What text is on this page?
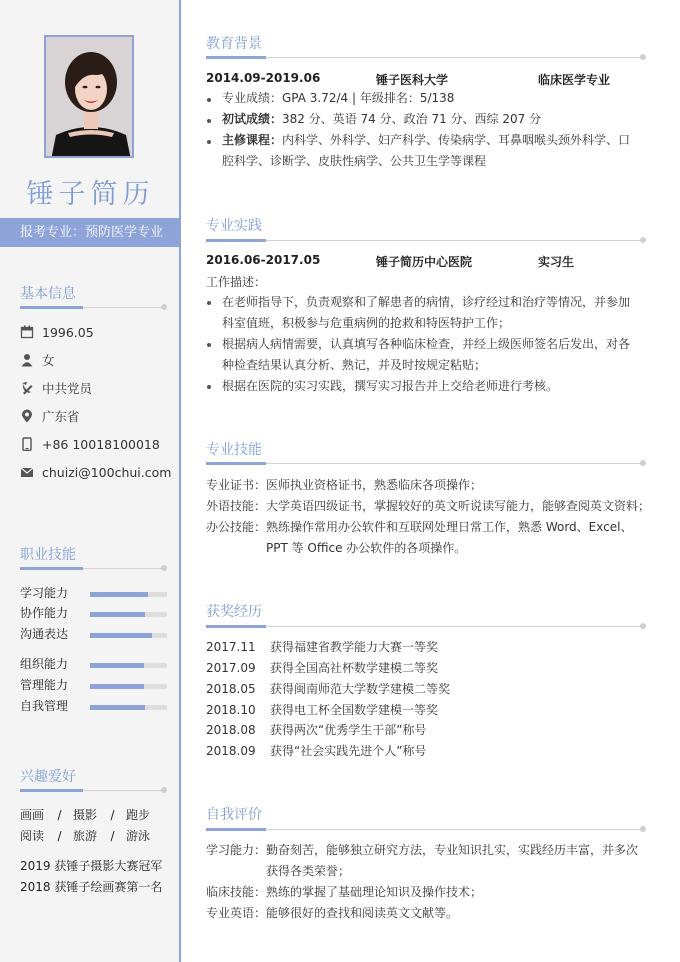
锤子简历
报考专业：预防医学专业
基本信息
1996.05
女
中共党员
广东省
+86 10018100018
chuizi@100chui.com
职业技能
学习能力
协作能力
沟通表达
组织能力
管理能力
自我管理
兴趣爱好
画画 / 摄影 / 跑步
阅读 / 旅游 / 游泳
2019 获锤子摄影大赛冠军
2018 获锤子绘画赛第一名
教育背景
2014.09-2019.06	锤子医科大学	临床医学专业
专业成绩：GPA 3.72/4 | 年级排名：5/138
初试成绩：382 分、英语 74 分、政治 71 分、西综 207 分
主修课程：内科学、外科学、妇产科学、传染病学、耳鼻咽喉头颈外科学、口
腔科学、诊断学、皮肤性病学、公共卫生学等课程
专业实践
2016.06-2017.05	锤子简历中心医院	实习生
工作描述：
在老师指导下，负责观察和了解患者的病情，诊疗经过和治疗等情况，并参加
科室值班，积极参与危重病例的抢救和特医特护工作；
根据病人病情需要，认真填写各种临床检查，并经上级医师签名后发出，对各
种检查结果认真分析、熟记，并及时按规定粘贴；
根据在医院的实习实践，撰写实习报告并上交给老师进行考核。
专业技能
专业证书：医师执业资格证书，熟悉临床各项操作；
外语技能：大学英语四级证书，掌握较好的英文听说读写能力，能够查阅英文资料；
办公技能：熟练操作常用办公软件和互联网处理日常工作，熟悉 Word、Excel、
PPT 等 Office 办公软件的各项操作。
获奖经历
2017.11 获得福建省教学能力大赛一等奖
2017.09 获得全国高社杯数学建模二等奖
2018.05 获得闽南师范大学数学建模二等奖
2018.10 获得电工杯全国数学建模一等奖
2018.08 获得两次“优秀学生干部”称号
2018.09 获得“社会实践先进个人”称号
自我评价
学习能力：勤奋刻苦，能够独立研究方法，专业知识扎实，实践经历丰富，并多次
获得各类荣誉；
临床技能：熟练的掌握了基础理论知识及操作技术；
专业英语：能够很好的查找和阅读英文文献等。
